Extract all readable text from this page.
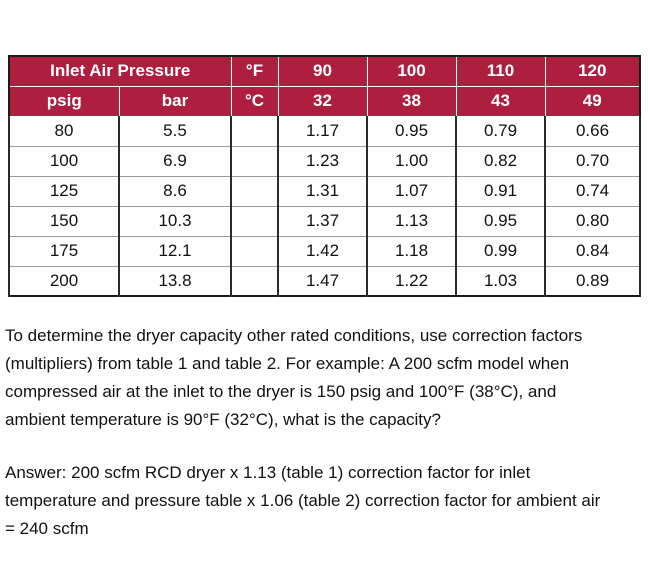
Inlet Air Pressure		°F	90	100	110	120
psig	bar	°C	32	38	43	49
80	5.5		1.17	0.95	0.79	0.66
100	6.9		1.23	1.00	0.82	0.70
125	8.6		1.31	1.07	0.91	0.74
150	10.3		1.37	1.13	0.95	0.80
175	12.1		1.42	1.18	0.99	0.84
200	13.8		1.47	1.22	1.03	0.89
To determine the dryer capacity other rated conditions, use correction factors
(multipliers) from table 1 and table 2. For example: A 200 scfm model when
compressed air at the inlet to the dryer is 150 psig and 100°F (38°C), and
ambient temperature is 90°F (32°C), what is the capacity?
Answer: 200 scfm RCD dryer x 1.13 (table 1) correction factor for inlet
temperature and pressure table x 1.06 (table 2) correction factor for ambient air
= 240 scfm
